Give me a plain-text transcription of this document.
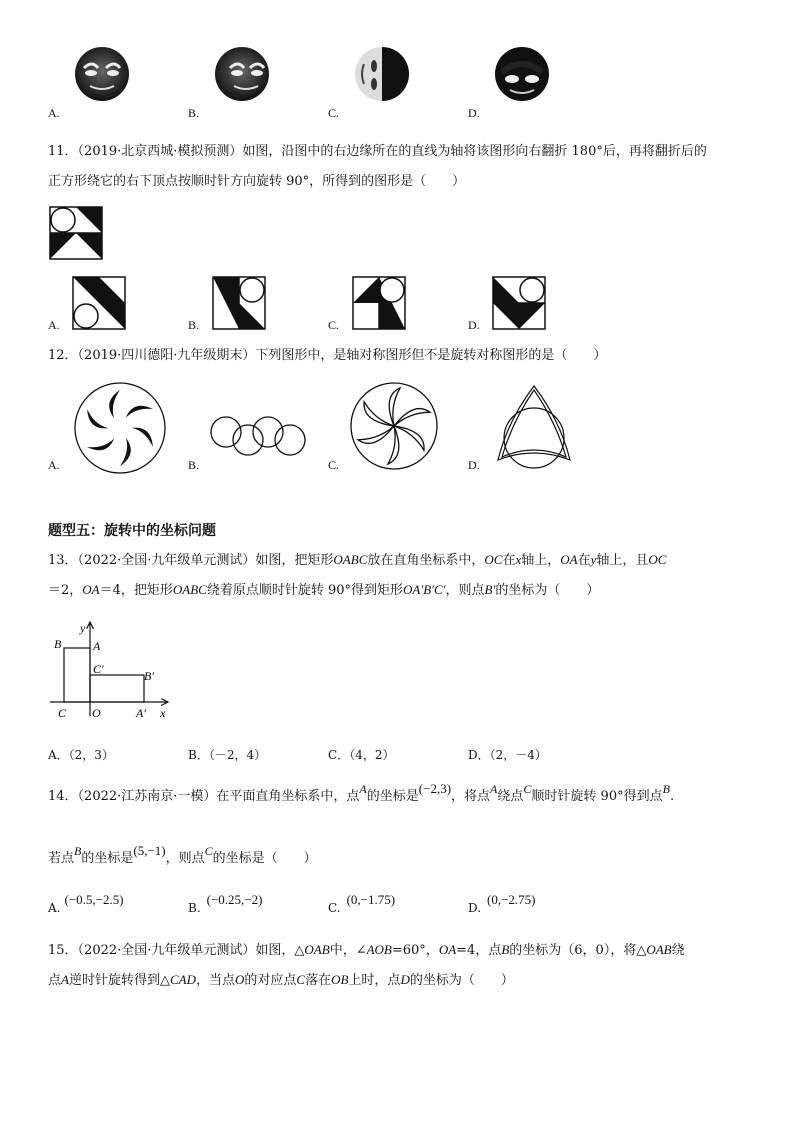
A.	B.	C.	D.
11．（2019·北京西城·模拟预测）如图，沿图中的右边缘所在的直线为轴将该图形向右翻折 180°后，再将翻折后的
正方形绕它的右下顶点按顺时针方向旋转 90°，所得到的图形是（　　）
A.	B.	C.	D.
12．（2019·四川德阳·九年级期末）下列图形中，是轴对称图形但不是旋转对称图形的是（　　）
A.	B.	C.	D.
题型五：旋转中的坐标问题
13．（2022·全国·九年级单元测试）如图，把矩形OABC放在直角坐标系中，OC在x轴上，OA在y轴上，且OC
＝2，OA＝4，把矩形OABC绕着原点顺时针旋转 90°得到矩形OA′B′C′，则点B′的坐标为（　　）
B	A
y
C′	B′
C O	A′ x
A．（2，3）	B．（－2，4）	C．（4，2）	D．（2，－4）
14．（2022·江苏南京·一模）在平面直角坐标系中，点A的坐标是(−2,3)，将点A绕点C顺时针旋转 90°得到点B.
若点B的坐标是(5,−1)，则点C的坐标是（　　）
A.(−0.5,−2.5)
B.(−0.25,−2)
C.(0,−1.75)
D.(0,−2.75)
15．（2022·全国·九年级单元测试）如图，△OAB中，∠AOB=60°，OA=4，点B的坐标为（6，0），将△OAB绕
点A逆时针旋转得到△CAD，当点O的对应点C落在OB上时，点D的坐标为（　　）
